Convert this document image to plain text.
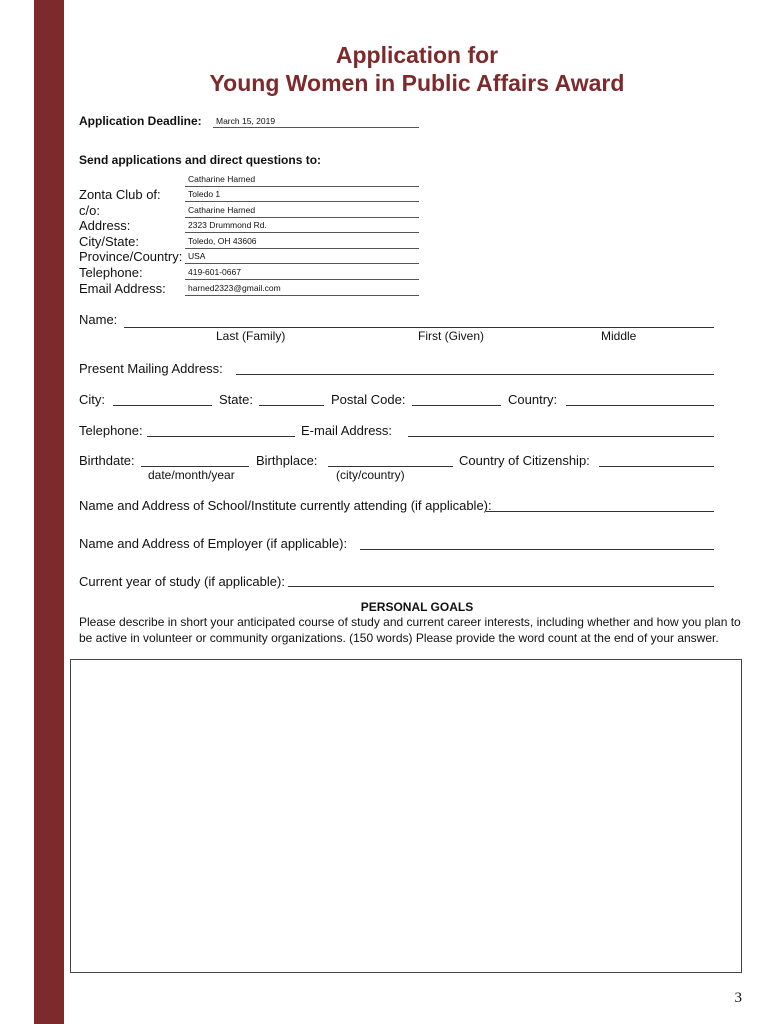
Application for
Young Women in Public Affairs Award
Application Deadline:	March 15, 2019
Send applications and direct questions to:
Catharine Harned
Zonta Club of:	Toledo 1
c/o:	Catharine Harned
Address:	2323 Drummond Rd.
City/State:	Toledo, OH 43606
Province/Country: USA
Telephone:	419-601-0667
Email Address:	harned2323@gmail.com
Name:
Last (Family)	First (Given)	Middle
Present Mailing Address:
City:	State:	Postal Code:	Country:
Telephone:	E-mail Address:
Birthdate:
date/month/year
Birthplace:
(city/country)
Country of Citizenship:
Name and Address of School/Institute currently attending (if applicable):
Name and Address of Employer (if applicable):
Current year of study (if applicable):
PERSONAL GOALS
Please describe in short your anticipated course of study and current career interests, including whether and how you plan to be active in volunteer or community organizations. (150 words) Please provide the word count at the end of your answer.
3
